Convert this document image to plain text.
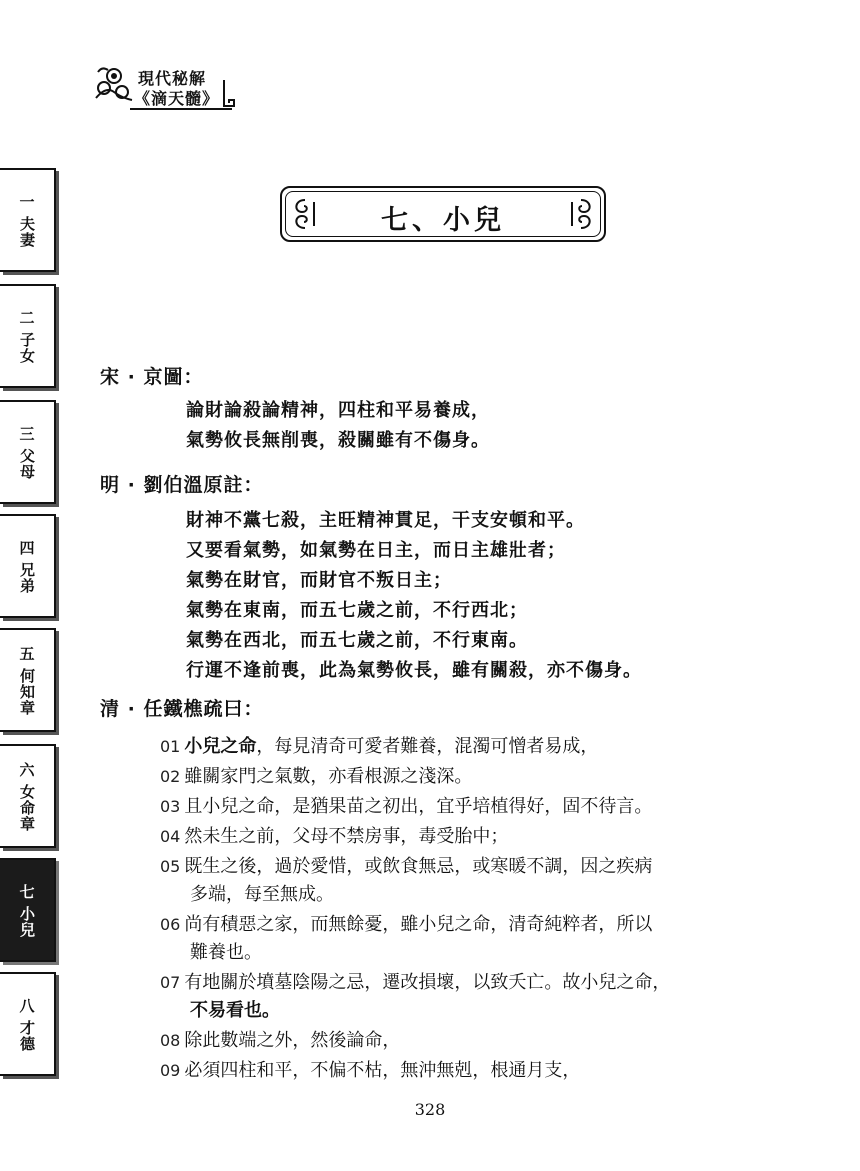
現代秘解
《滴天髓》
一
夫妻
二
子女
三
父母
四
兄弟
五
何知章
六
女命章
七
小兒
八
才德
七、小兒
宋 · 京圖：
論財論殺論精神，四柱和平易養成，
氣勢攸長無削喪，殺關雖有不傷身。
明 · 劉伯溫原註：
財神不黨七殺，主旺精神貫足，干支安頓和平。
又要看氣勢，如氣勢在日主，而日主雄壯者；
氣勢在財官，而財官不叛日主；
氣勢在東南，而五七歲之前，不行西北；
氣勢在西北，而五七歲之前，不行東南。
行運不逢前喪，此為氣勢攸長，雖有關殺，亦不傷身。
清 · 任鐵樵疏曰：
01 小兒之命，每見清奇可愛者難養，混濁可憎者易成，
02 雖關家門之氣數，亦看根源之淺深。
03 且小兒之命，是猶果苗之初出，宜乎培植得好，固不待言。
04 然未生之前，父母不禁房事，毒受胎中；
05 既生之後，過於愛惜，或飲食無忌，或寒暖不調，因之疾病
多端，每至無成。
06 尚有積惡之家，而無餘憂，雖小兒之命，清奇純粹者，所以
難養也。
07 有地關於墳墓陰陽之忌，遷改損壞，以致夭亡。故小兒之命，
不易看也。
08 除此數端之外，然後論命，
09 必須四柱和平，不偏不枯，無沖無剋，根通月支，
328
